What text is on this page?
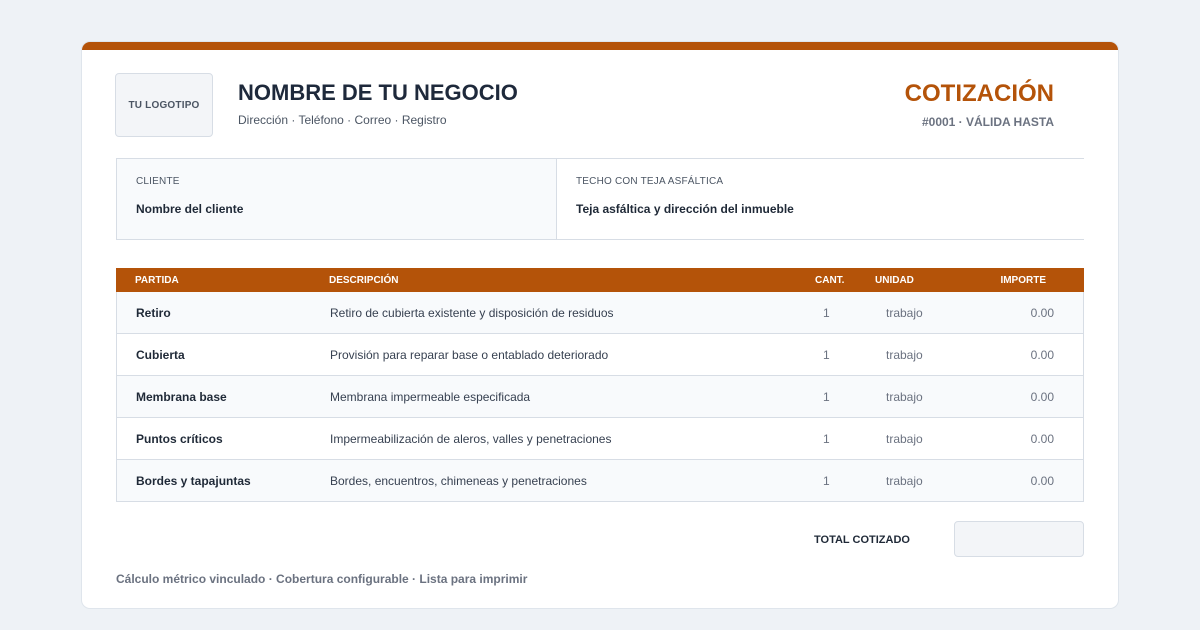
TU LOGOTIPO NOMBRE DE TU NEGOCIO
Dirección · Teléfono · Correo · Registro
COTIZACIÓN
#0001 · VÁLIDA HASTA
CLIENTE
Nombre del cliente
TECHO CON TEJA ASFÁLTICA
Teja asfáltica y dirección del inmueble
PARTIDA	DESCRIPCIÓN	CANT.	UNIDAD	IMPORTE
Retiro	Retiro de cubierta existente y disposición de residuos	1	trabajo	0.00
Cubierta	Provisión para reparar base o entablado deteriorado	1	trabajo	0.00
Membrana base	Membrana impermeable especificada	1	trabajo	0.00
Puntos críticos	Impermeabilización de aleros, valles y penetraciones	1	trabajo	0.00
Bordes y tapajuntas	Bordes, encuentros, chimeneas y penetraciones	1	trabajo	0.00
TOTAL COTIZADO
Cálculo métrico vinculado · Cobertura configurable · Lista para imprimir
